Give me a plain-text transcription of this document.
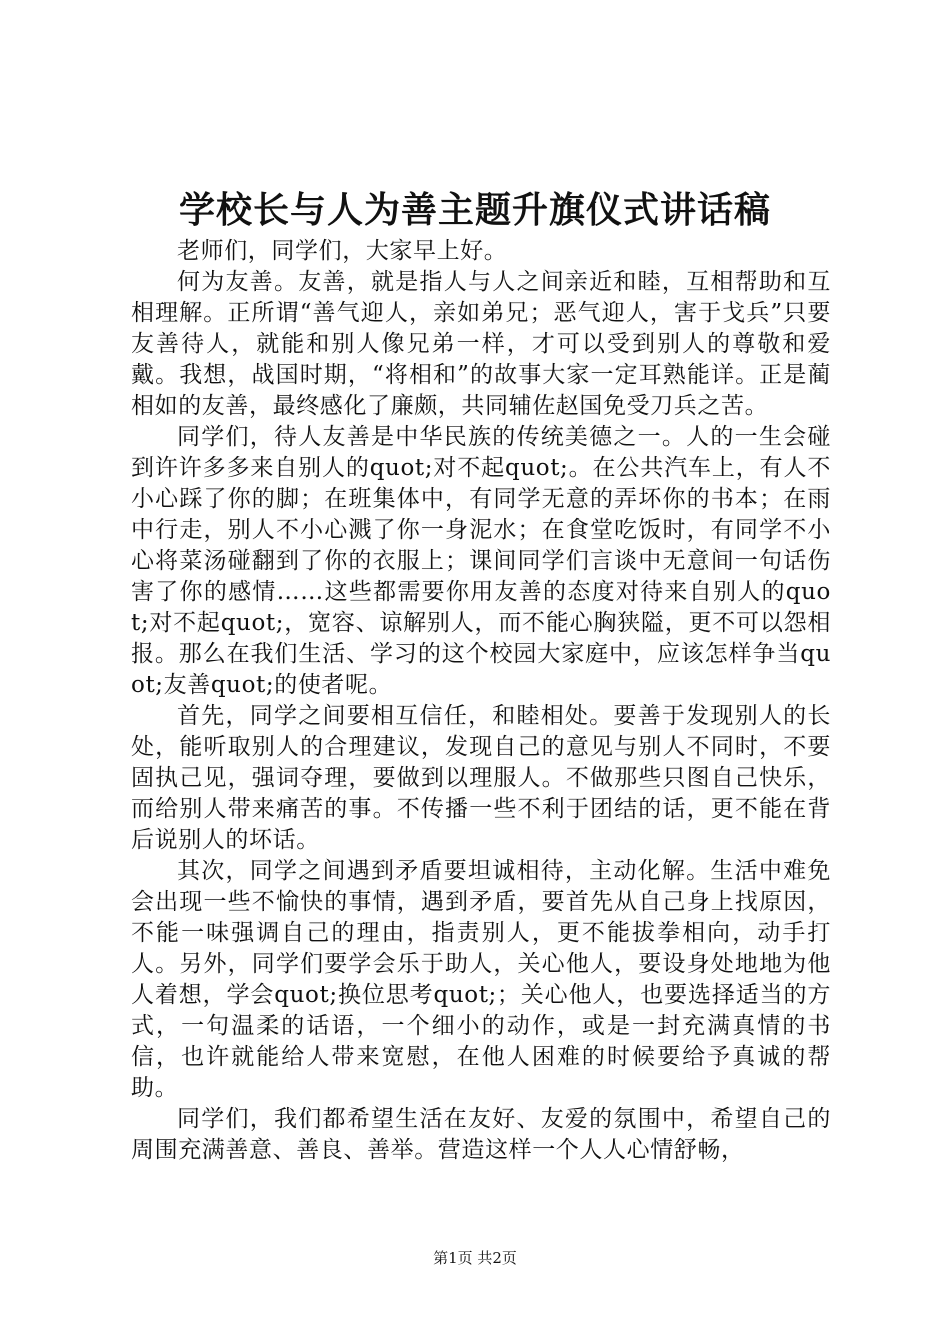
学校长与人为善主题升旗仪式讲话稿

老师们，同学们，大家早上好。

何为友善。友善，就是指人与人之间亲近和睦，互相帮助和互相理解。正所谓“善气迎人，亲如弟兄；恶气迎人，害于戈兵”只要友善待人，就能和别人像兄弟一样，才可以受到别人的尊敬和爱戴。我想，战国时期，“将相和”的故事大家一定耳熟能详。正是蔺相如的友善，最终感化了廉颇，共同辅佐赵国免受刀兵之苦。

同学们，待人友善是中华民族的传统美德之一。人的一生会碰到许许多多来自别人的quot;对不起quot;。在公共汽车上，有人不小心踩了你的脚；在班集体中，有同学无意的弄坏你的书本；在雨中行走，别人不小心溅了你一身泥水；在食堂吃饭时，有同学不小心将菜汤碰翻到了你的衣服上；课间同学们言谈中无意间一句话伤害了你的感情……这些都需要你用友善的态度对待来自别人的quot;对不起quot;，宽容、谅解别人，而不能心胸狭隘，更不可以怨相报。那么在我们生活、学习的这个校园大家庭中，应该怎样争当quot;友善quot;的使者呢。

首先，同学之间要相互信任，和睦相处。要善于发现别人的长处，能听取别人的合理建议，发现自己的意见与别人不同时，不要固执己见，强词夺理，要做到以理服人。不做那些只图自己快乐，而给别人带来痛苦的事。不传播一些不利于团结的话，更不能在背后说别人的坏话。

其次，同学之间遇到矛盾要坦诚相待，主动化解。生活中难免会出现一些不愉快的事情，遇到矛盾，要首先从自己身上找原因，不能一味强调自己的理由，指责别人，更不能拔拳相向，动手打人。另外，同学们要学会乐于助人，关心他人，要设身处地地为他人着想，学会quot;换位思考quot;；关心他人，也要选择适当的方式，一句温柔的话语，一个细小的动作，或是一封充满真情的书信，也许就能给人带来宽慰，在他人困难的时候要给予真诚的帮助。

同学们，我们都希望生活在友好、友爱的氛围中，希望自己的周围充满善意、善良、善举。营造这样一个人人心情舒畅，

第1页 共2页
